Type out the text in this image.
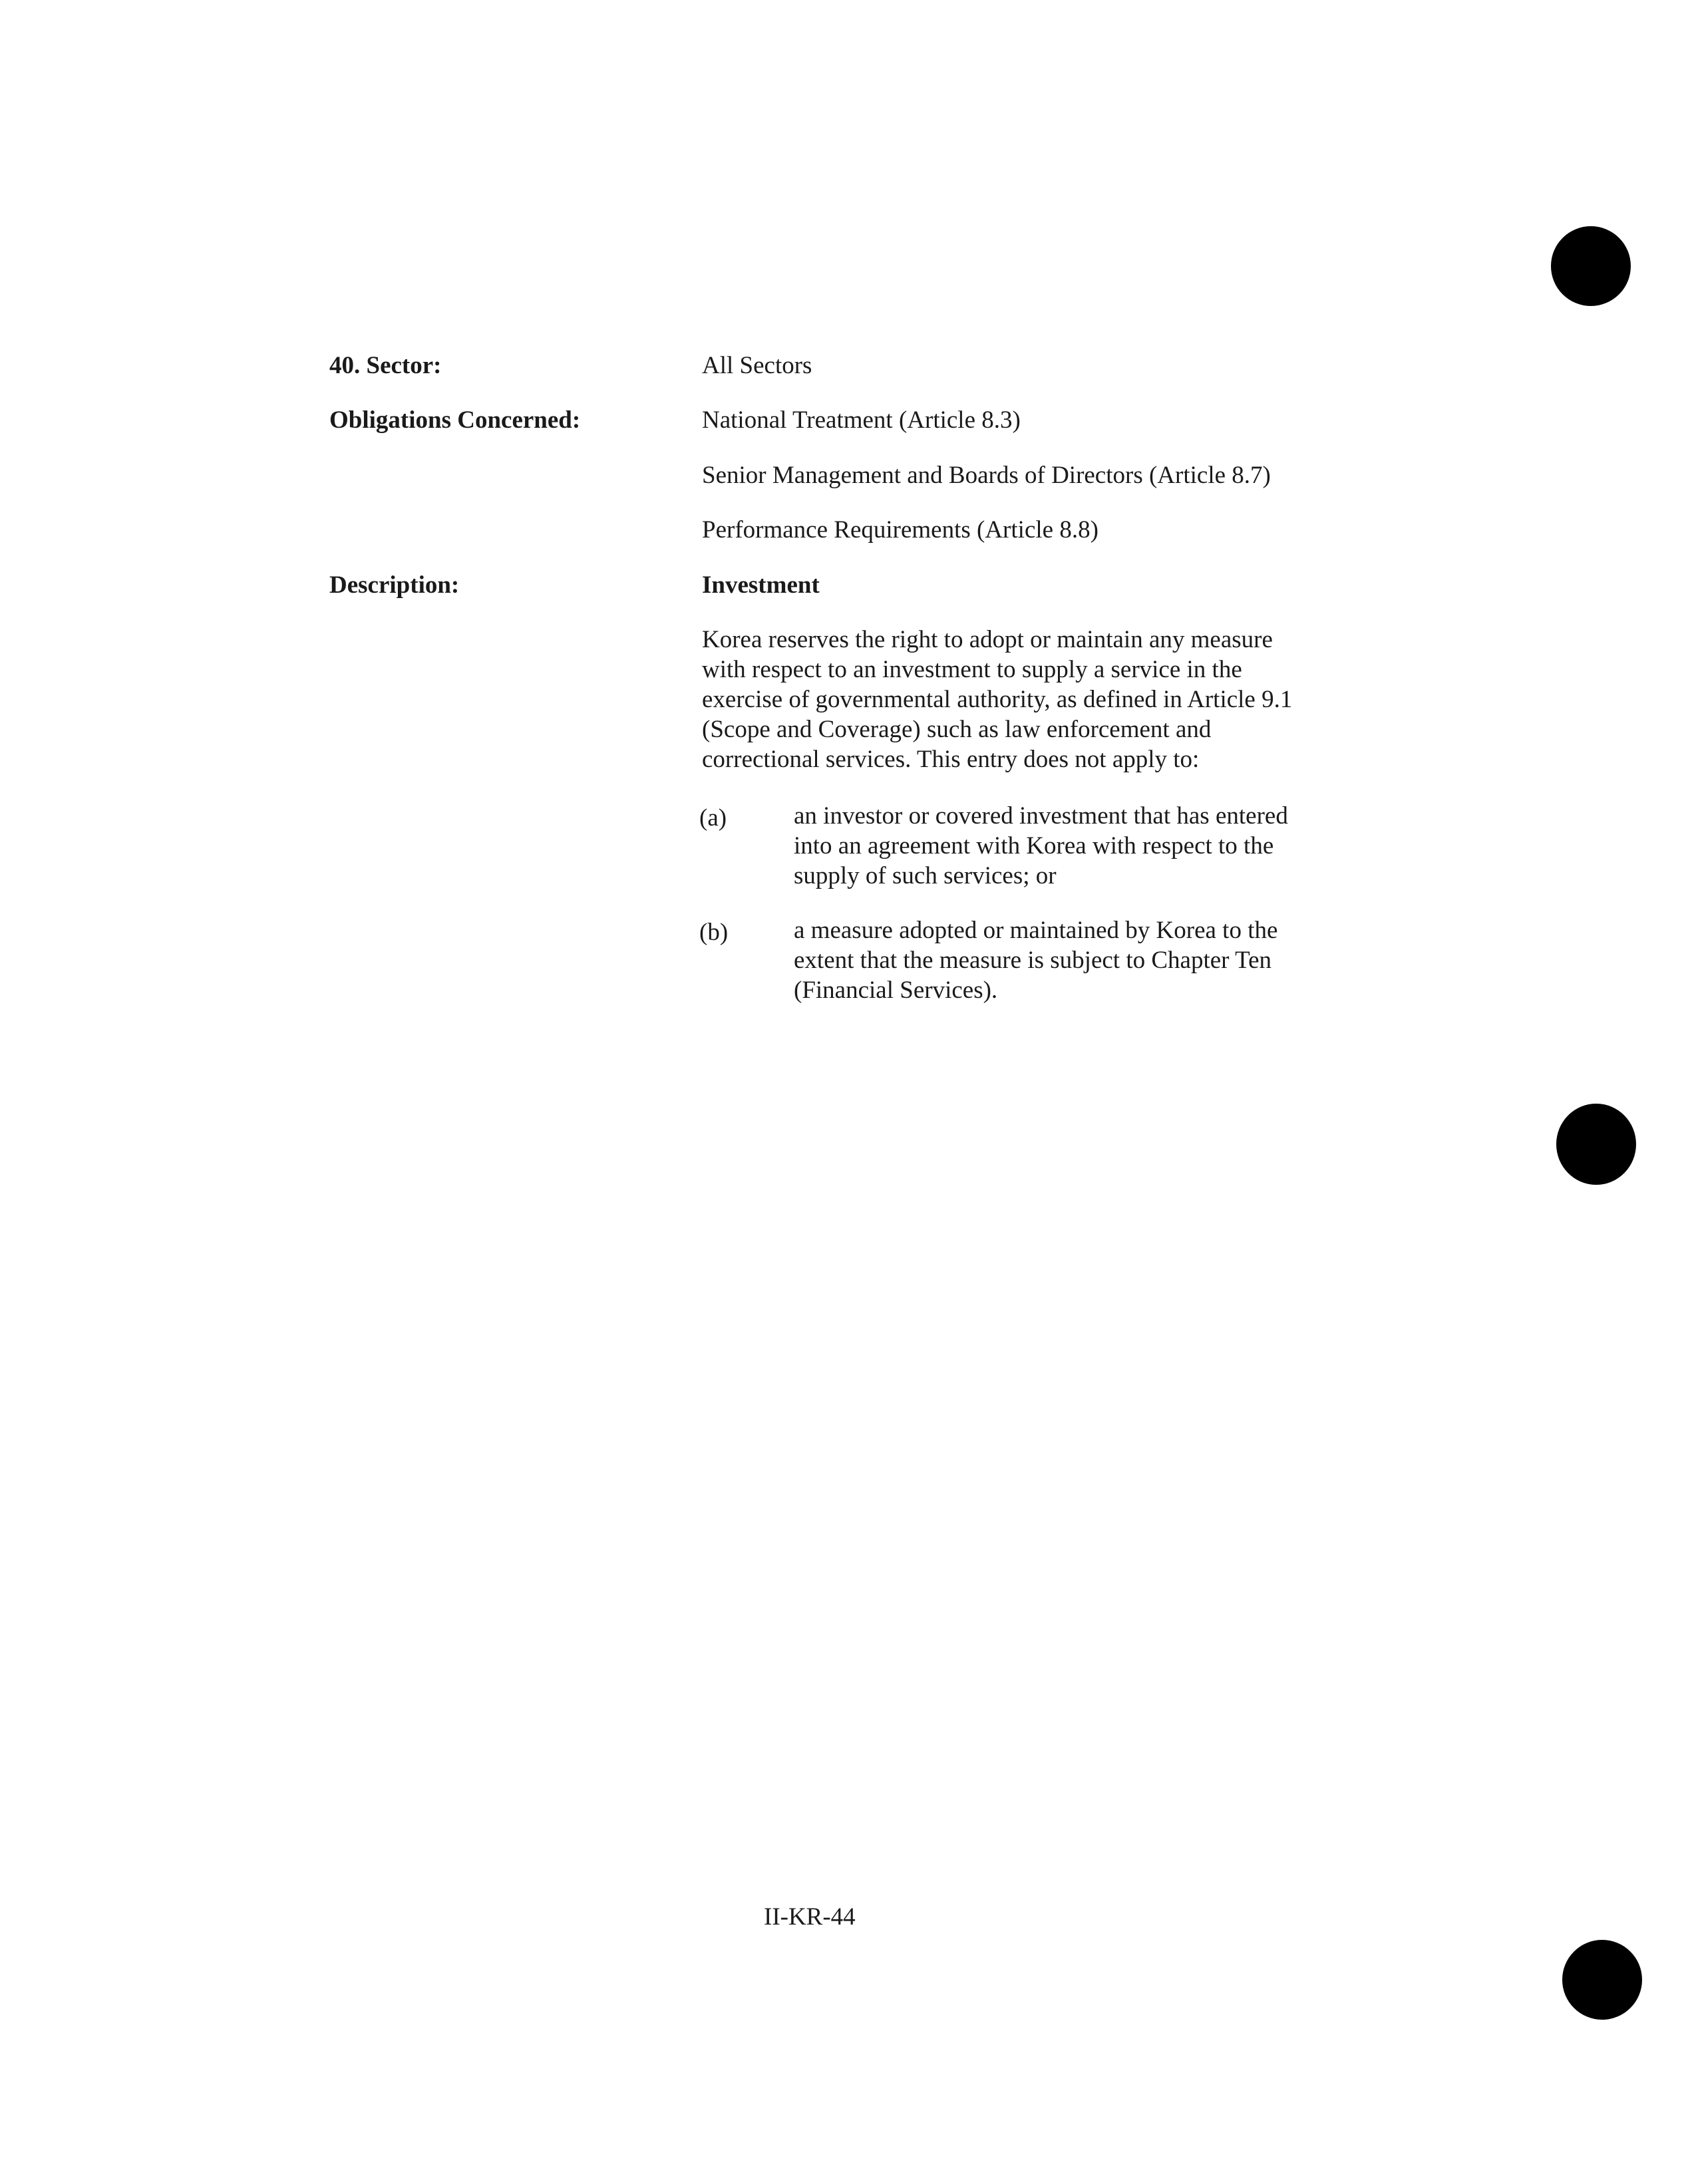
40. Sector:	All Sectors
Obligations Concerned:	National Treatment (Article 8.3)
Senior Management and Boards of Directors (Article 8.7)
Performance Requirements (Article 8.8)
Description:	Investment
Korea reserves the right to adopt or maintain any measure
with respect to an investment to supply a service in the
exercise of governmental authority, as defined in Article 9.1
(Scope and Coverage) such as law enforcement and
correctional services. This entry does not apply to:
(a)	an investor or covered investment that has entered
into an agreement with Korea with respect to the
supply of such services; or
(b)	a measure adopted or maintained by Korea to the
extent that the measure is subject to Chapter Ten
(Financial Services).
II-KR-44
